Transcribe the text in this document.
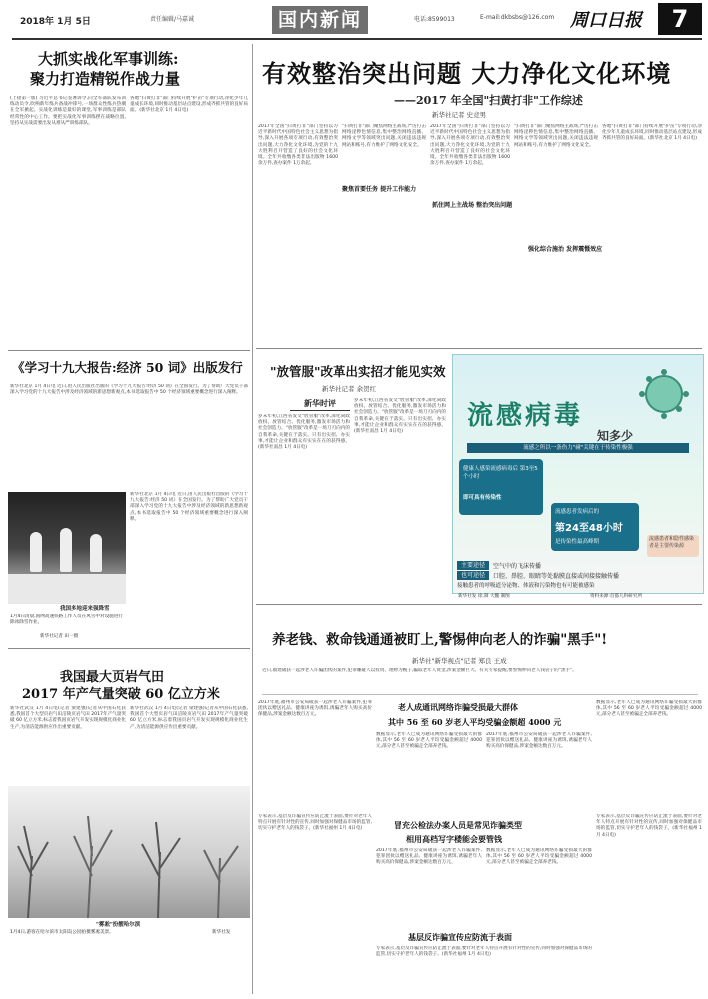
2018年 1月 5日	责任编辑/马嘉诚	国内新闻	电话:8599013	E-mail:dkbsbs@126.com 周口日报	7
大抓实战化军事训练:
聚力打造精锐作战力量
(上接第一版) 习近平总书记签署训令,向全军部队发布训练动员令,吹响新年练兵备战冲锋号,一场群众性练兵热潮在全军掀起。实战化训练是最好的课堂,军事训练是部队经常性的中心工作。要把实战化军事训练摆在战略位置,坚持从实战需要出发从难从严训练部队。
各地"扫黄打非"部门持续开展"护苗"专项行动,净化少年儿童成长环境,同时推动基层站点建设,形成齐抓共管的良好局面。(新华社北京 1月 4日电)
《学习十九大报告:经济 50 词》出版发行
新华社北京 1月 4日电 近日,由人民出版社出版的《学习十九大报告:经济 50 词》在全国发行。为了帮助广大党员干部深入学习党的十九大报告中涉及经济领域的新思想新观点,本书选取报告中 50 个经济领域重要概念进行深入阐释。
我国多地迎来强降雪
1月4日清晨,国网高速铁路工作人员在风雪中对设施进行除冰除雪作业。
新华社记者 田一摄
新华社北京 1月 4日电 近日,由人民出版社出版的《学习十九大报告:经济 50 词》在全国发行。为了帮助广大党员干部深入学习党的十九大报告中涉及经济领域的新思想新观点,本书选取报告中 50 个经济领域重要概念进行深入阐释。
我国最大页岩气田
2017 年产气量突破 60 亿立方米
新华社武汉 1月 4日电(记者 梁建强)记者从中国石化获悉,我国首个大型页岩气田涪陵页岩气田 2017年产气量突破 60 亿立方米,标志着我国页岩气开发实现规模化商业化生产,为清洁能源供应作出重要贡献。
新华社武汉 1月 4日电(记者 梁建强)记者从中国石化获悉,我国首个大型页岩气田涪陵页岩气田 2017年产气量突破 60 亿立方米,标志着我国页岩气开发实现规模化商业化生产,为清洁能源供应作出重要贡献。
"雾凇"扮靓哈尔滨
1月4日,游客在哈尔滨市太阳岛公园拍摄雾凇美景。	新华社发
有效整治突出问题 大力净化文化环境
——2017 年全国"扫黄打非"工作综述
新华社记者 史竞男
2017年全国"扫黄打非"部门坚持以习近平新时代中国特色社会主义思想为指导,深入开展各项专项行动,有效整治突出问题,大力净化文化环境,为党的十九大胜利召开营造了良好的社会文化环境。全年共收缴各类非法出版物 1600 余万件,查办案件 1万余起。
聚焦首要任务 提升工作能力
"扫黄打非"部门聚焦网络主战场,严厉打击网络淫秽色情信息,集中整治网络直播、网络文学等领域突出问题,关闭违法违规网站和账号,有力维护了网络文化安全。
抓住网上主战场 整治突出问题
2017年全国"扫黄打非"部门坚持以习近平新时代中国特色社会主义思想为指导,深入开展各项专项行动,有效整治突出问题,大力净化文化环境,为党的十九大胜利召开营造了良好的社会文化环境。全年共收缴各类非法出版物 1600 余万件,查办案件 1万余起。
强化综合施治 发挥震慑效应
"扫黄打非"部门聚焦网络主战场,严厉打击网络淫秽色情信息,集中整治网络直播、网络文学等领域突出问题,关闭违法违规网站和账号,有力维护了网络文化安全。
各地"扫黄打非"部门持续开展"护苗"专项行动,净化少年儿童成长环境,同时推动基层站点建设,形成齐抓共管的良好局面。(新华社北京 1月 4日电)
"放管服"改革出实招才能见实效
新华社记者 余贺红
新华时评
岁末年初,江西省发文"放管服"改革,深化简政放权、放管结合、优化服务,激发市场活力和社会创造力。"放管服"改革是一场刀刃向内的自我革命,关键在于落实。只有出实招、办实事,才能让企业和群众有实实在在的获得感。(新华社南昌 1月 4日电)
岁末年初,江西省发文"放管服"改革,深化简政放权、放管结合、优化服务,激发市场活力和社会创造力。"放管服"改革是一场刀刃向内的自我革命,关键在于落实。只有出实招、办实事,才能让企业和群众有实实在在的获得感。(新华社南昌 1月 4日电)
流感病毒
知多少
流感之所以一条伤力"碰"关键在于传染性极强
健康人感染流感病毒后 第3至5个小时
即可具有传染性
流感患者发病后的
第24至48小时
是传染性最高峰期	流感患者和隐性感染者是主要传染源
主要途径	空气中的飞沫传播
也可途径	口腔、鼻腔、眼睛等处黏膜直接或间接接触传播
接触患者的呼吸道分泌物、体液和污染物也有可能被感染
新华社发 徐,制 大魏 制图	资料来源:首都儿科研究所
养老钱、救命钱通通被盯上,警惕伸向老人的诈骗"黑手"!
新华社"新华视点"记者 郑良 王成
近日,福建破获一起涉老人诈骗团伙的案件,犯罪嫌疑人以投资、理财为幌子,骗取老年人资金,涉案金额巨大。有关专家提醒,要警惕伸向老人钱袋子的"黑手"。
2017年底,福州市公安局破获一起涉老人诈骗案件,犯罪团伙以赠送礼品、健康讲座为诱饵,诱骗老年人购买高价保健品,涉案金额达数百万元。
老人成通讯网络诈骗受损最大群体
其中 56 至 60 岁老人平均受骗金额超 4000 元
数据显示,老年人已成为通讯网络诈骗受损最大的群体,其中 56 至 60 岁老人平均受骗金额超过 4000 元,部分老人甚至被骗走全部养老钱。
2017年底,福州市公安局破获一起涉老人诈骗案件,犯罪团伙以赠送礼品、健康讲座为诱饵,诱骗老年人购买高价保健品,涉案金额达数百万元。
数据显示,老年人已成为通讯网络诈骗受损最大的群体,其中 56 至 60 岁老人平均受骗金额超过 4000 元,部分老人甚至被骗走全部养老钱。
专家表示,基层反诈骗宣传应防止流于表面,要针对老年人特点开展有针对性的宣传,同时加强对保健品市场的监管,切实守护老年人的钱袋子。(新华社福州 1月 4日电)	冒充公检法办案人员是常见诈骗类型
相用高档写字楼能会要管钱
2017年底,福州市公安局破获一起涉老人诈骗案件,犯罪团伙以赠送礼品、健康讲座为诱饵,诱骗老年人购买高价保健品,涉案金额达数百万元。
数据显示,老年人已成为通讯网络诈骗受损最大的群体,其中 56 至 60 岁老人平均受骗金额超过 4000 元,部分老人甚至被骗走全部养老钱。
基层反诈骗宣传应防流于表面
专家表示,基层反诈骗宣传应防止流于表面,要针对老年人特点开展有针对性的宣传,同时加强对保健品市场的监管,切实守护老年人的钱袋子。(新华社福州 1月 4日电)
专家表示,基层反诈骗宣传应防止流于表面,要针对老年人特点开展有针对性的宣传,同时加强对保健品市场的监管,切实守护老年人的钱袋子。(新华社福州 1月 4日电)
